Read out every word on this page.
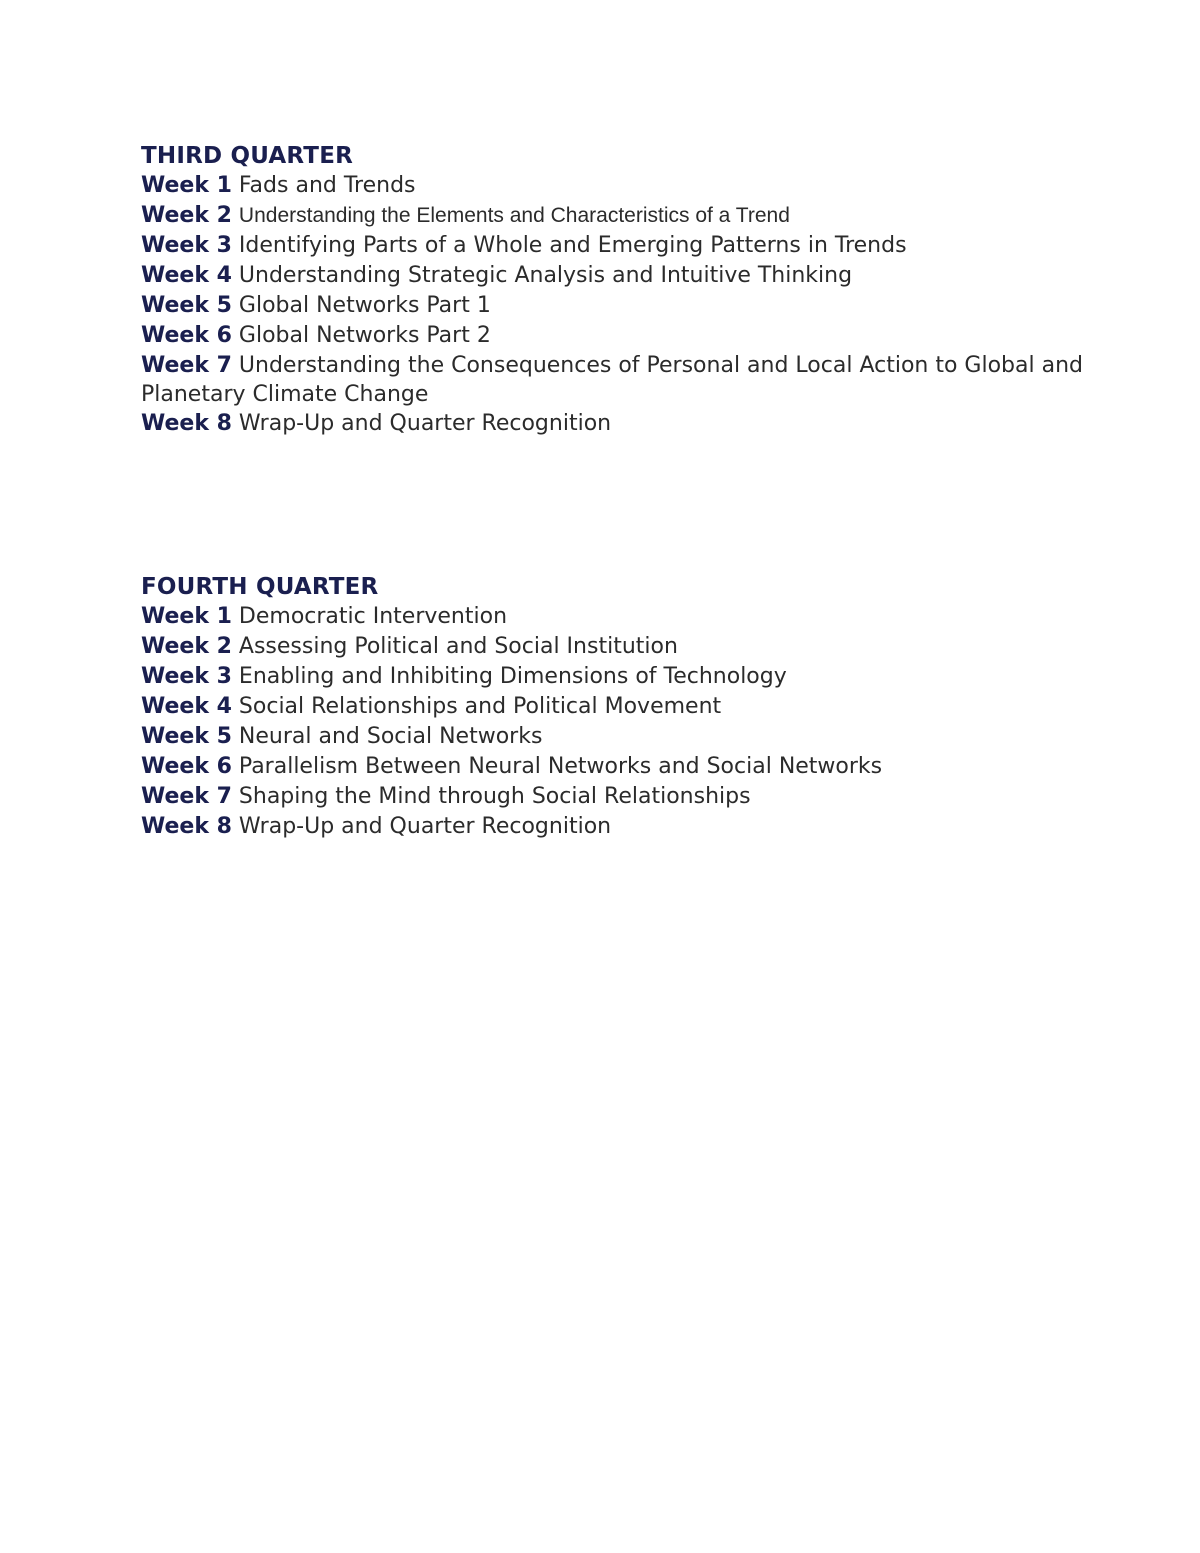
THIRD QUARTER

Week 1 Fads and Trends

Week 2 Understanding the Elements and Characteristics of a Trend

Week 3 Identifying Parts of a Whole and Emerging Patterns in Trends

Week 4 Understanding Strategic Analysis and Intuitive Thinking

Week 5 Global Networks Part 1

Week 6 Global Networks Part 2

Week 7 Understanding the Consequences of Personal and Local Action to Global and Planetary Climate Change

Week 8 Wrap-Up and Quarter Recognition

FOURTH QUARTER

Week 1 Democratic Intervention

Week 2 Assessing Political and Social Institution

Week 3 Enabling and Inhibiting Dimensions of Technology

Week 4 Social Relationships and Political Movement

Week 5 Neural and Social Networks

Week 6 Parallelism Between Neural Networks and Social Networks

Week 7 Shaping the Mind through Social Relationships

Week 8 Wrap-Up and Quarter Recognition
